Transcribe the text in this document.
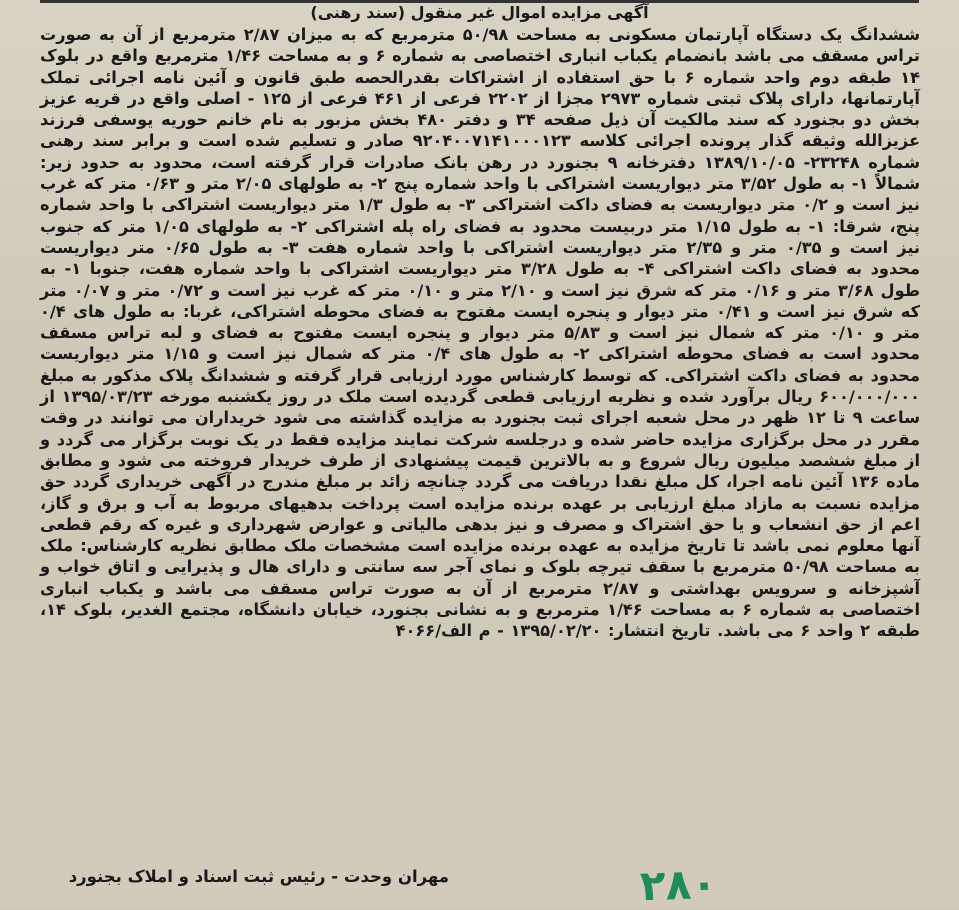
آگهی مزایده اموال غیر منقول (سند رهنی)
ششدانگ یک دستگاه آپارتمان مسکونی به مساحت ۵۰/۹۸ مترمربع که به میزان ۲/۸۷ مترمربع از آن به صورت تراس مسقف می باشد بانضمام یکباب انباری اختصاصی به شماره ۶ و به مساحت ۱/۴۶ مترمربع واقع در بلوک ۱۴ طبقه دوم واحد شماره ۶ با حق استفاده از اشتراکات بقدرالحصه طبق قانون و آئین نامه اجرائی تملک آپارتمانها، دارای پلاک ثبتی شماره ۲۹۷۳ مجزا از ۲۲۰۲ فرعی از ۴۶۱ فرعی از ۱۲۵ - اصلی واقع در قریه عزیز بخش دو بجنورد که سند مالکیت آن ذیل صفحه ۳۴ و دفتر ۴۸۰ بخش مزبور به نام خانم حوریه یوسفی فرزند عزیزالله وثیقه گذار پرونده اجرائی کلاسه ۹۲۰۴۰۰۷۱۴۱۰۰۰۱۲۳ صادر و تسلیم شده است و برابر سند رهنی شماره ۲۳۲۴۸- ۱۳۸۹/۱۰/۰۵ دفترخانه ۹ بجنورد در رهن بانک صادرات قرار گرفته است، محدود به حدود زیر: شمالاً ۱- به طول ۳/۵۲ متر دیواریست اشتراکی با واحد شماره پنج ۲- به طولهای ۲/۰۵ متر و ۰/۶۳ متر که غرب نیز است و ۰/۲ متر دیواریست به فضای داکت اشتراکی ۳- به طول ۱/۳ متر دیواریست اشتراکی با واحد شماره پنج، شرقا: ۱- به طول ۱/۱۵ متر دربیست محدود به فضای راه پله اشتراکی ۲- به طولهای ۱/۰۵ متر که جنوب نیز است و ۰/۳۵ متر و ۲/۳۵ متر دیواریست اشتراکی با واحد شماره هفت ۳- به طول ۰/۶۵ متر دیواریست محدود به فضای داکت اشتراکی ۴- به طول ۳/۲۸ متر دیواریست اشتراکی با واحد شماره هفت، جنوبا ۱- به طول ۳/۶۸ متر و ۰/۱۶ متر که شرق نیز است و ۲/۱۰ متر و ۰/۱۰ متر که غرب نیز است و ۰/۷۲ متر و ۰/۰۷ متر که شرق نیز است و ۰/۴۱ متر دیوار و پنجره ایست مفتوح به فضای محوطه اشتراکی، غربا: به طول های ۰/۴ متر و ۰/۱۰ متر که شمال نیز است و ۵/۸۳ متر دیوار و پنجره ایست مفتوح به فضای و لبه تراس مسقف محدود است به فضای محوطه اشتراکی ۲- به طول های ۰/۴ متر که شمال نیز است و ۱/۱۵ متر دیواریست محدود به فضای داکت اشتراکی. که توسط کارشناس مورد ارزیابی قرار گرفته و ششدانگ پلاک مذکور به مبلغ ۶۰۰/۰۰۰/۰۰۰ ریال برآورد شده و نظریه ارزیابی قطعی گردیده است ملک در روز یکشنبه مورخه ۱۳۹۵/۰۳/۲۳ از ساعت ۹ تا ۱۲ ظهر در محل شعبه اجرای ثبت بجنورد به مزایده گذاشته می شود خریداران می توانند در وقت مقرر در محل برگزاری مزایده حاضر شده و درجلسه شرکت نمایند مزایده فقط در یک نوبت برگزار می گردد و از مبلغ ششصد میلیون ریال شروع و به بالاترین قیمت پیشنهادی از طرف خریدار فروخته می شود و مطابق ماده ۱۳۶ آئین نامه اجرا، کل مبلغ نقدا دریافت می گردد چنانچه زائد بر مبلغ مندرج در آگهی خریداری گردد حق مزایده نسبت به مازاد مبلغ ارزیابی بر عهده برنده مزایده است پرداخت بدهیهای مربوط به آب و برق و گاز، اعم از حق انشعاب و یا حق اشتراک و مصرف و نیز بدهی مالیاتی و عوارض شهرداری و غیره که رقم قطعی آنها معلوم نمی باشد تا تاریخ مزایده به عهده برنده مزایده است مشخصات ملک مطابق نظریه کارشناس: ملک به مساحت ۵۰/۹۸ مترمربع با سقف تیرچه بلوک و نمای آجر سه سانتی و دارای هال و پذیرایی و اتاق خواب و آشپزخانه و سرویس بهداشتی و ۲/۸۷ مترمربع از آن به صورت تراس مسقف می باشد و یکباب انباری اختصاصی به شماره ۶ به مساحت ۱/۴۶ مترمربع و به نشانی بجنورد، خیابان دانشگاه، مجتمع الغدیر، بلوک ۱۴، طبقه ۲ واحد ۶ می باشد. تاریخ انتشار: ۱۳۹۵/۰۲/۲۰ - م الف/۴۰۶۶
مهران وحدت - رئیس ثبت اسناد و املاک بجنورد	۲۸۰
